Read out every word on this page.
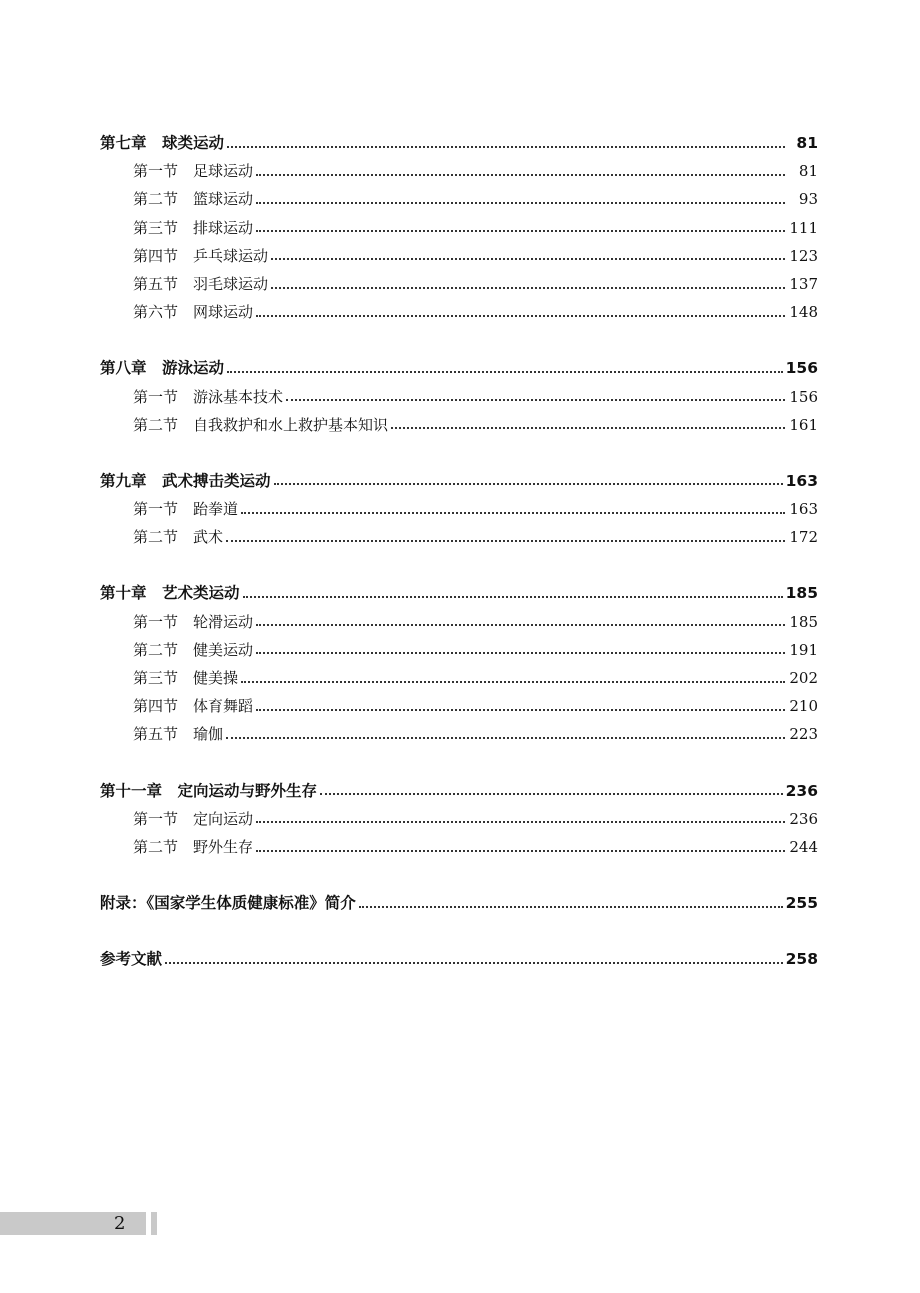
第七章　球类运动	81
第一节　足球运动	81
第二节　篮球运动	93
第三节　排球运动	111
第四节　乒乓球运动	123
第五节　羽毛球运动	137
第六节　网球运动	148
第八章　游泳运动	156
第一节　游泳基本技术	156
第二节　自我救护和水上救护基本知识	161
第九章　武术搏击类运动	163
第一节　跆拳道	163
第二节　武术	172
第十章　艺术类运动	185
第一节　轮滑运动	185
第二节　健美运动	191
第三节　健美操	202
第四节　体育舞蹈	210
第五节　瑜伽	223
第十一章　定向运动与野外生存	236
第一节　定向运动	236
第二节　野外生存	244
附录：《国家学生体质健康标准》简介	255
参考文献	258
2
